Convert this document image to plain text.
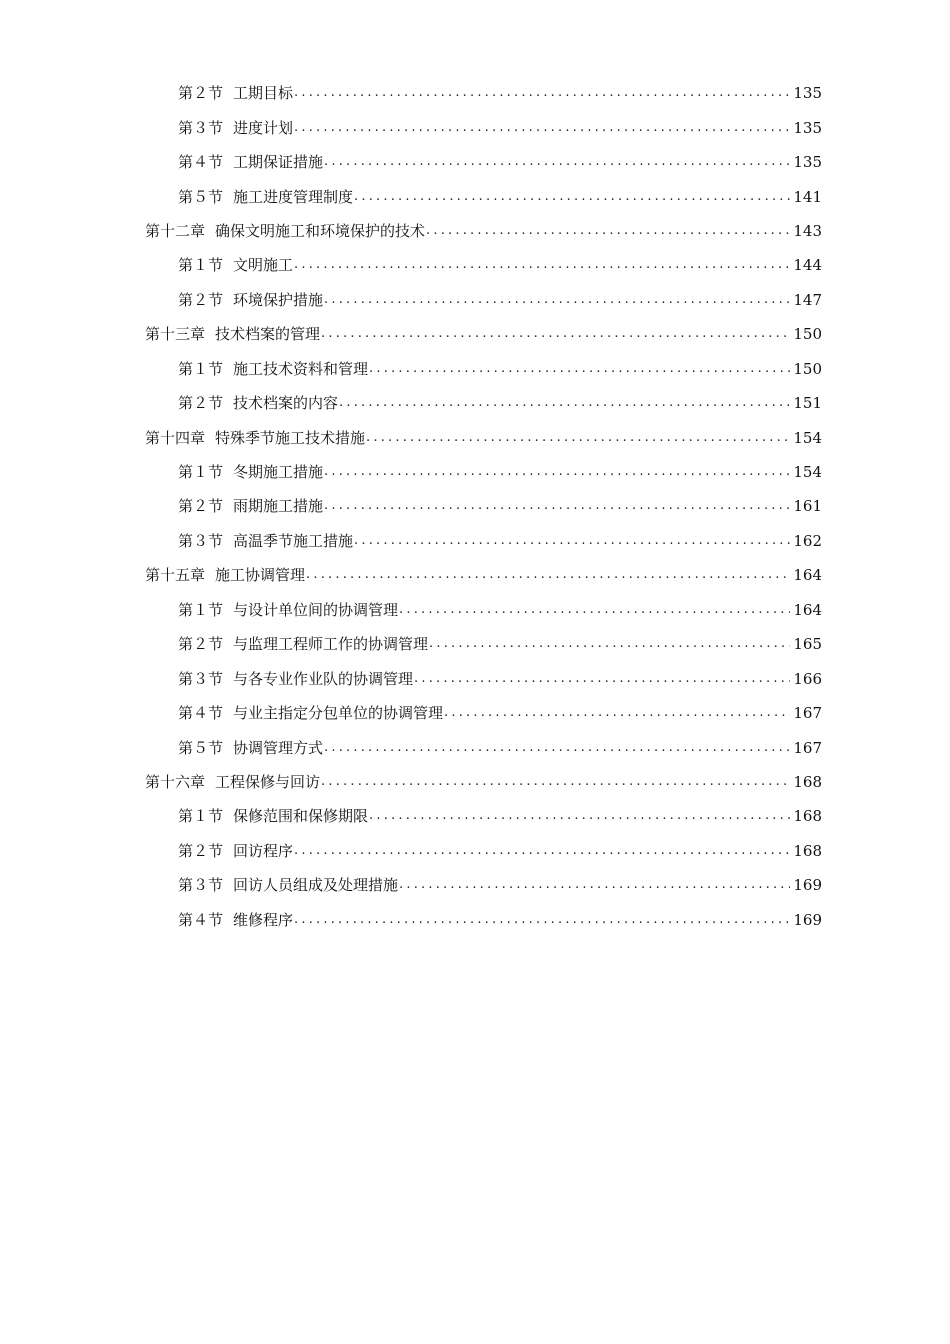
第２节 工期目标 .....	135
第３节 进度计划 .....	135
第４节 工期保证措施 .....	135
第５节 施工进度管理制度 .....	141
第十二章 确保文明施工和环境保护的技术 .....	143
第１节 文明施工 .....	144
第２节 环境保护措施 .....	147
第十三章 技术档案的管理 .....	150
第１节 施工技术资料和管理 .....	150
第２节 技术档案的内容 .....	151
第十四章 特殊季节施工技术措施 .....	154
第１节 冬期施工措施 .....	154
第２节 雨期施工措施 .....	161
第３节 高温季节施工措施 .....	162
第十五章 施工协调管理 .....	164
第１节 与设计单位间的协调管理 .....	164
第２节 与监理工程师工作的协调管理 .....	165
第３节 与各专业作业队的协调管理 .....	166
第４节 与业主指定分包单位的协调管理 .....	167
第５节 协调管理方式 .....	167
第十六章 工程保修与回访 .....	168
第１节 保修范围和保修期限 .....	168
第２节 回访程序 .....	168
第３节 回访人员组成及处理措施 .....	169
第４节 维修程序 .....	169
